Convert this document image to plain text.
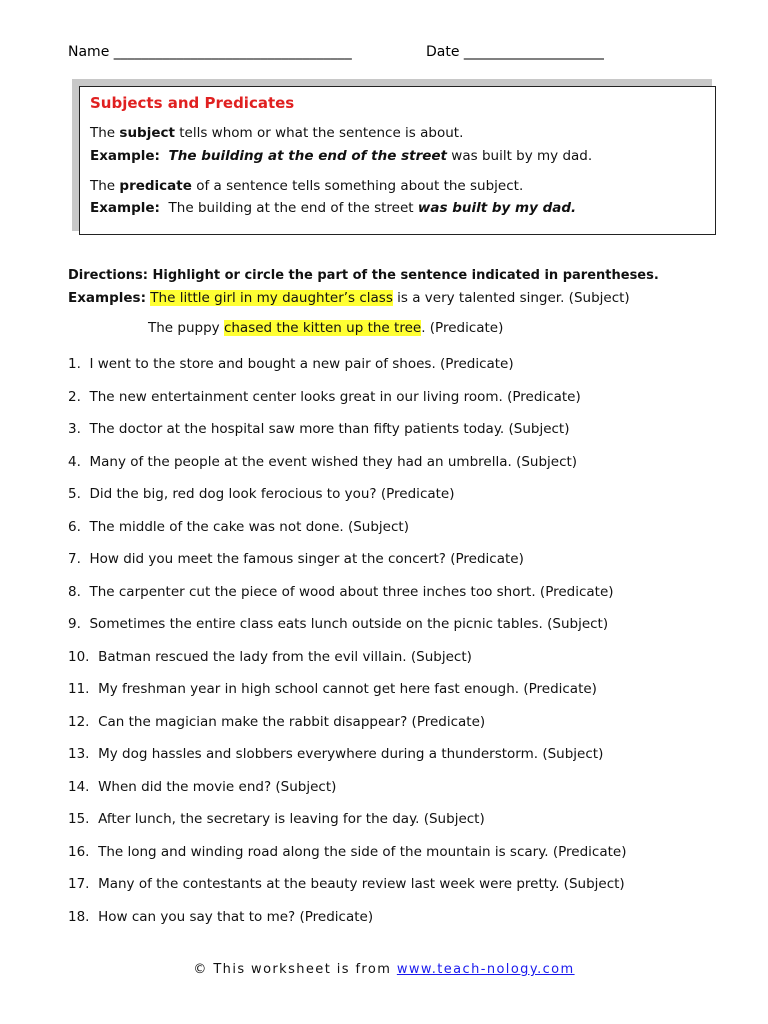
Name __________________________________	Date ____________________
Subjects and Predicates
The subject tells whom or what the sentence is about.
Example: The building at the end of the street was built by my dad.
The predicate of a sentence tells something about the subject.
Example: The building at the end of the street was built by my dad.
Directions: Highlight or circle the part of the sentence indicated in parentheses.
Examples: The little girl in my daughter’s class is a very talented singer. (Subject)
The puppy chased the kitten up the tree. (Predicate)
1. I went to the store and bought a new pair of shoes. (Predicate)
2. The new entertainment center looks great in our living room. (Predicate)
3. The doctor at the hospital saw more than fifty patients today. (Subject)
4. Many of the people at the event wished they had an umbrella. (Subject)
5. Did the big, red dog look ferocious to you? (Predicate)
6. The middle of the cake was not done. (Subject)
7. How did you meet the famous singer at the concert? (Predicate)
8. The carpenter cut the piece of wood about three inches too short. (Predicate)
9. Sometimes the entire class eats lunch outside on the picnic tables. (Subject)
10. Batman rescued the lady from the evil villain. (Subject)
11. My freshman year in high school cannot get here fast enough. (Predicate)
12. Can the magician make the rabbit disappear? (Predicate)
13. My dog hassles and slobbers everywhere during a thunderstorm. (Subject)
14. When did the movie end? (Subject)
15. After lunch, the secretary is leaving for the day. (Subject)
16. The long and winding road along the side of the mountain is scary. (Predicate)
17. Many of the contestants at the beauty review last week were pretty. (Subject)
18. How can you say that to me? (Predicate)
© This worksheet is from www.teach-nology.com
